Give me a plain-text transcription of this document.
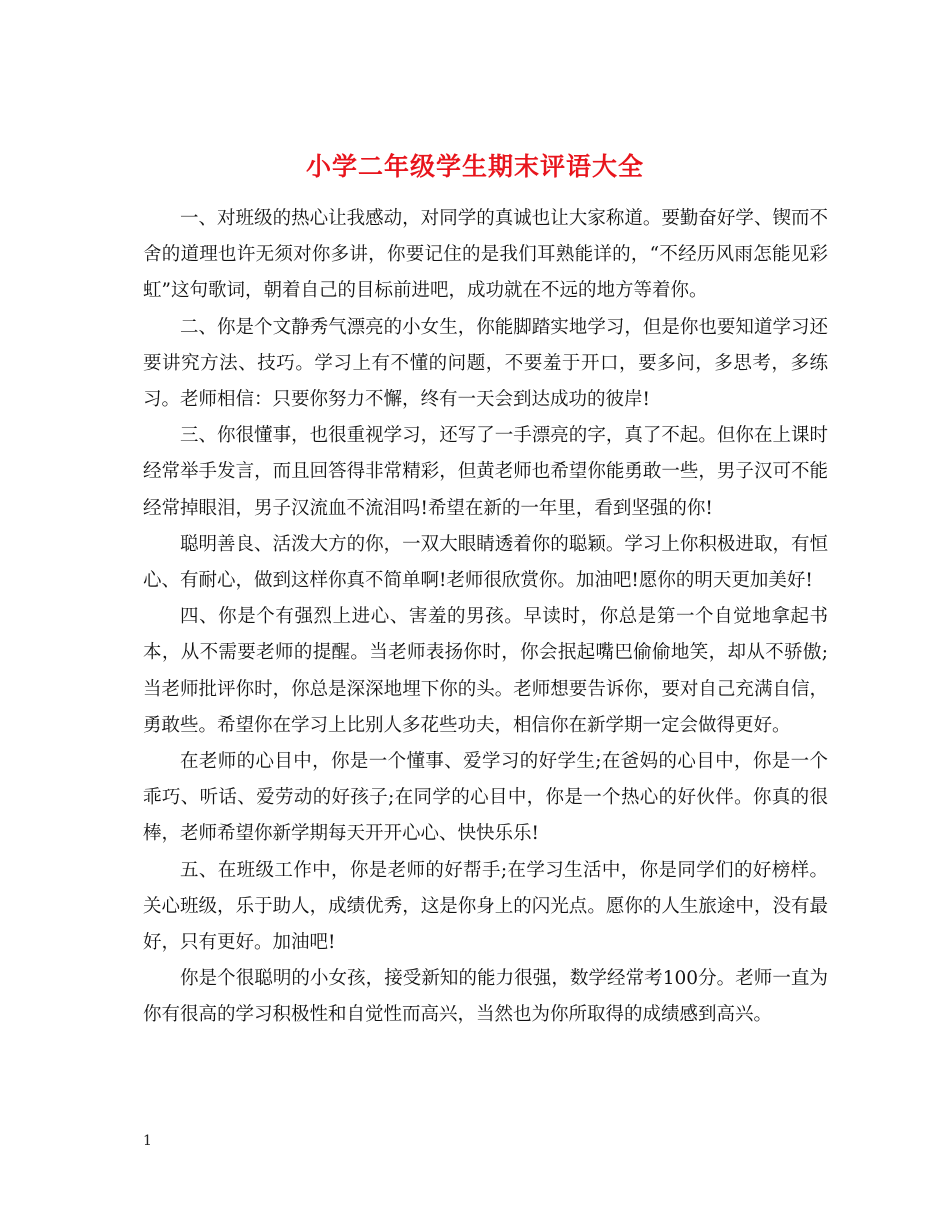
小学二年级学生期末评语大全

一、对班级的热心让我感动，对同学的真诚也让大家称道。要勤奋好学、锲而不舍的道理也许无须对你多讲，你要记住的是我们耳熟能详的，“不经历风雨怎能见彩虹”这句歌词，朝着自己的目标前进吧，成功就在不远的地方等着你。

二、你是个文静秀气漂亮的小女生，你能脚踏实地学习，但是你也要知道学习还要讲究方法、技巧。学习上有不懂的问题，不要羞于开口，要多问，多思考，多练习。老师相信：只要你努力不懈，终有一天会到达成功的彼岸!

三、你很懂事，也很重视学习，还写了一手漂亮的字，真了不起。但你在上课时经常举手发言，而且回答得非常精彩，但黄老师也希望你能勇敢一些，男子汉可不能经常掉眼泪，男子汉流血不流泪吗!希望在新的一年里，看到坚强的你!

聪明善良、活泼大方的你，一双大眼睛透着你的聪颖。学习上你积极进取，有恒心、有耐心，做到这样你真不简单啊!老师很欣赏你。加油吧!愿你的明天更加美好!

四、你是个有强烈上进心、害羞的男孩。早读时，你总是第一个自觉地拿起书本，从不需要老师的提醒。当老师表扬你时，你会抿起嘴巴偷偷地笑，却从不骄傲;当老师批评你时，你总是深深地埋下你的头。老师想要告诉你，要对自己充满自信，勇敢些。希望你在学习上比别人多花些功夫，相信你在新学期一定会做得更好。

在老师的心目中，你是一个懂事、爱学习的好学生;在爸妈的心目中，你是一个乖巧、听话、爱劳动的好孩子;在同学的心目中，你是一个热心的好伙伴。你真的很棒，老师希望你新学期每天开开心心、快快乐乐!

五、在班级工作中，你是老师的好帮手;在学习生活中，你是同学们的好榜样。关心班级，乐于助人，成绩优秀，这是你身上的闪光点。愿你的人生旅途中，没有最好，只有更好。加油吧!

你是个很聪明的小女孩，接受新知的能力很强，数学经常考100分。老师一直为你有很高的学习积极性和自觉性而高兴，当然也为你所取得的成绩感到高兴。

1
